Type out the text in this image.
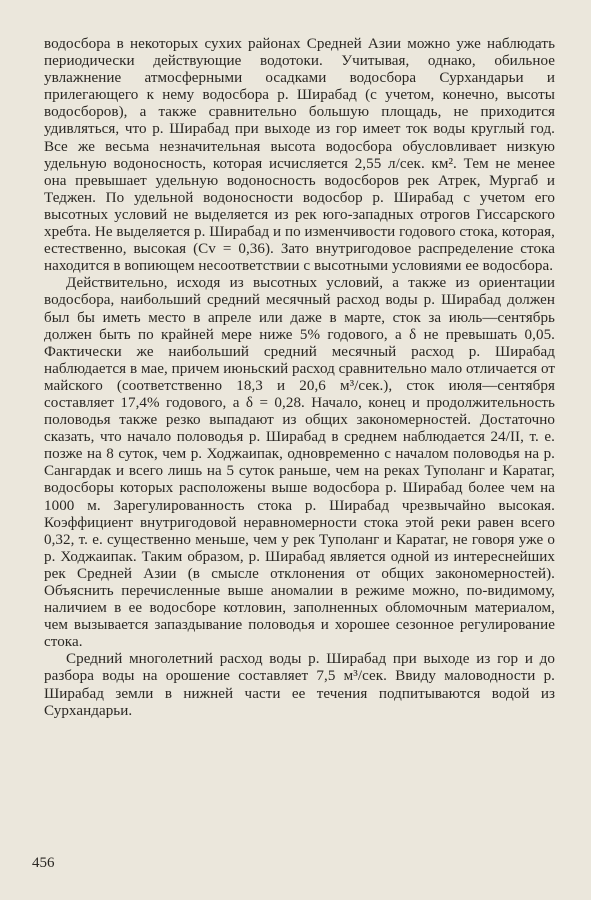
водосбора в некоторых сухих районах Средней Азии можно уже наблюдать периодически действующие водотоки. Учитывая, однако, обильное увлажнение атмосферными осадками водосбора Сурхандарьи и прилегающего к нему водосбора р. Ширабад (с учетом, конечно, высоты водосборов), а также сравнительно большую площадь, не приходится удивляться, что р. Ширабад при выходе из гор имеет ток воды круглый год. Все же весьма незначительная высота водосбора обусловливает низкую удельную водоносность, которая исчисляется 2,55 л/сек. км². Тем не менее она превышает удельную водоносность водосборов рек Атрек, Мургаб и Теджен. По удельной водоносности водосбор р. Ширабад с учетом его высотных условий не выделяется из рек юго-западных отрогов Гиссарского хребта. Не выделяется р. Ширабад и по изменчивости годового стока, которая, естественно, высокая (Cv = 0,36). Зато внутригодовое распределение стока находится в вопиющем несоответствии с высотными условиями ее водосбора.

Действительно, исходя из высотных условий, а также из ориентации водосбора, наибольший средний месячный расход воды р. Ширабад должен был бы иметь место в апреле или даже в марте, сток за июль—сентябрь должен быть по крайней мере ниже 5% годового, а δ не превышать 0,05. Фактически же наибольший средний месячный расход р. Ширабад наблюдается в мае, причем июньский расход сравнительно мало отличается от майского (соответственно 18,3 и 20,6 м³/сек.), сток июля—сентября составляет 17,4% годового, а δ = 0,28. Начало, конец и продолжительность половодья также резко выпадают из общих закономерностей. Достаточно сказать, что начало половодья р. Ширабад в среднем наблюдается 24/II, т. е. позже на 8 суток, чем р. Ходжаипак, одновременно с началом половодья на р. Сангардак и всего лишь на 5 суток раньше, чем на реках Туполанг и Каратаг, водосборы которых расположены выше водосбора р. Ширабад более чем на 1000 м. Зарегулированность стока р. Ширабад чрезвычайно высокая. Коэффициент внутригодовой неравномерности стока этой реки равен всего 0,32, т. е. существенно меньше, чем у рек Туполанг и Каратаг, не говоря уже о р. Ходжаипак. Таким образом, р. Ширабад является одной из интереснейших рек Средней Азии (в смысле отклонения от общих закономерностей). Объяснить перечисленные выше аномалии в режиме можно, по-видимому, наличием в ее водосборе котловин, заполненных обломочным материалом, чем вызывается запаздывание половодья и хорошее сезонное регулирование стока.

Средний многолетний расход воды р. Ширабад при выходе из гор и до разбора воды на орошение составляет 7,5 м³/сек. Ввиду маловодности р. Ширабад земли в нижней части ее течения подпитываются водой из Сурхандарьи.

456
